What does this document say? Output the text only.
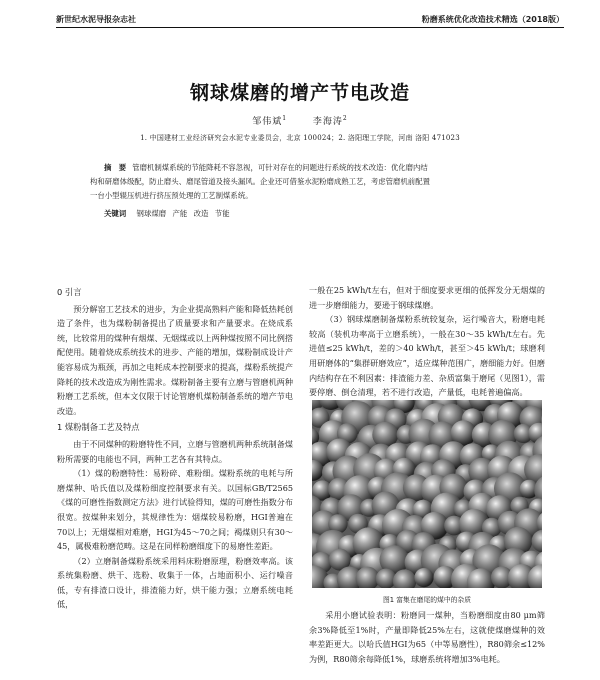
新世纪水泥导报杂志社	粉磨系统优化改造技术精选（2018版）
钢球煤磨的增产节电改造
邹伟斌$^1$	李海涛$^2$
1. 中国建材工业经济研究会水泥专业委员会，北京 100024；2. 洛阳理工学院，河南 洛阳 471023
摘　要 管磨机制煤系统的节能降耗不容忽视，可针对存在的问题进行系统的技术改造：优化磨内结
构和研磨体级配，防止磨头、磨尾管道及接头漏风。企业还可借鉴水泥粉磨成熟工艺，考虑管磨机前配置
一台小型辊压机进行挤压预处理的工艺制煤系统。
关键词 钢球煤磨 产能 改造 节能
0 引言

预分解窑工艺技术的进步，为企业提高熟料产能和降低热耗创造了条件，也为煤粉制备提出了质量要求和产量要求。在烧成系统，比较常用的煤种有烟煤、无烟煤或以上两种煤按照不同比例搭配使用。随着烧成系统技术的进步、产能的增加，煤粉制成设计产能容易成为瓶颈，再加之电耗成本控制要求的提高，煤粉系统提产降耗的技术改造成为刚性需求。煤粉制备主要有立磨与管磨机两种粉磨工艺系统，但本文仅限于讨论管磨机煤粉制备系统的增产节电改造。

1 煤粉制备工艺及特点

由于不同煤种的粉磨特性不同，立磨与管磨机两种系统制备煤粉所需要的电能也不同，两种工艺各有其特点。

（1）煤的粉磨特性：易粉碎、难粉细。煤粉系统的电耗与所磨煤种、哈氏值以及煤粉细度控制要求有关。以国标GB/T2565《煤的可磨性指数测定方法》进行试验得知，煤的可磨性指数分布很宽。按煤种来划分，其规律性为：烟煤较易粉磨，HGI普遍在70以上；无烟煤相对难磨，HGI为45～70之间；褐煤则只有30～45，属极难粉磨范畴。这是在同样粉磨细度下的易磨性差距。

（2）立磨制备煤粉系统采用料床粉磨原理，粉磨效率高。该系统集粉磨、烘干、选粉、收集于一体，占地面积小、运行噪音低，专有排渣口设计，排渣能力好，烘干能力强；立磨系统电耗低，

一般在25 kWh/t左右，但对于细度要求更细的低挥发分无烟煤的进一步磨细能力，要逊于钢球煤磨。

（3）钢球煤磨制备煤粉系统较复杂，运行噪音大，粉磨电耗较高（装机功率高于立磨系统），一般在30～35 kWh/t左右。先进值≤25 kWh/t，差的＞40 kWh/t，甚至＞45 kWh/t；球磨利用研磨体的“集群研磨效应”，适应煤种范围广，磨细能力好。但磨内结构存在不利因素：排渣能力差、杂质富集于磨尾（见图1），需要停磨、倒仓清理，若不进行改造，产量低，电耗普遍偏高。

图1 富集在磨尾的煤中的杂质

采用小磨试验表明：粉磨同一煤种，当粉磨细度由80 μm筛余3%降低至1%时，产量即降低25%左右，这就使煤磨煤种的效率差距更大。以哈氏值HGI为65（中等易磨性），R80筛余≤12%为例，R80筛余每降低1%，球磨系统将增加3%电耗。
